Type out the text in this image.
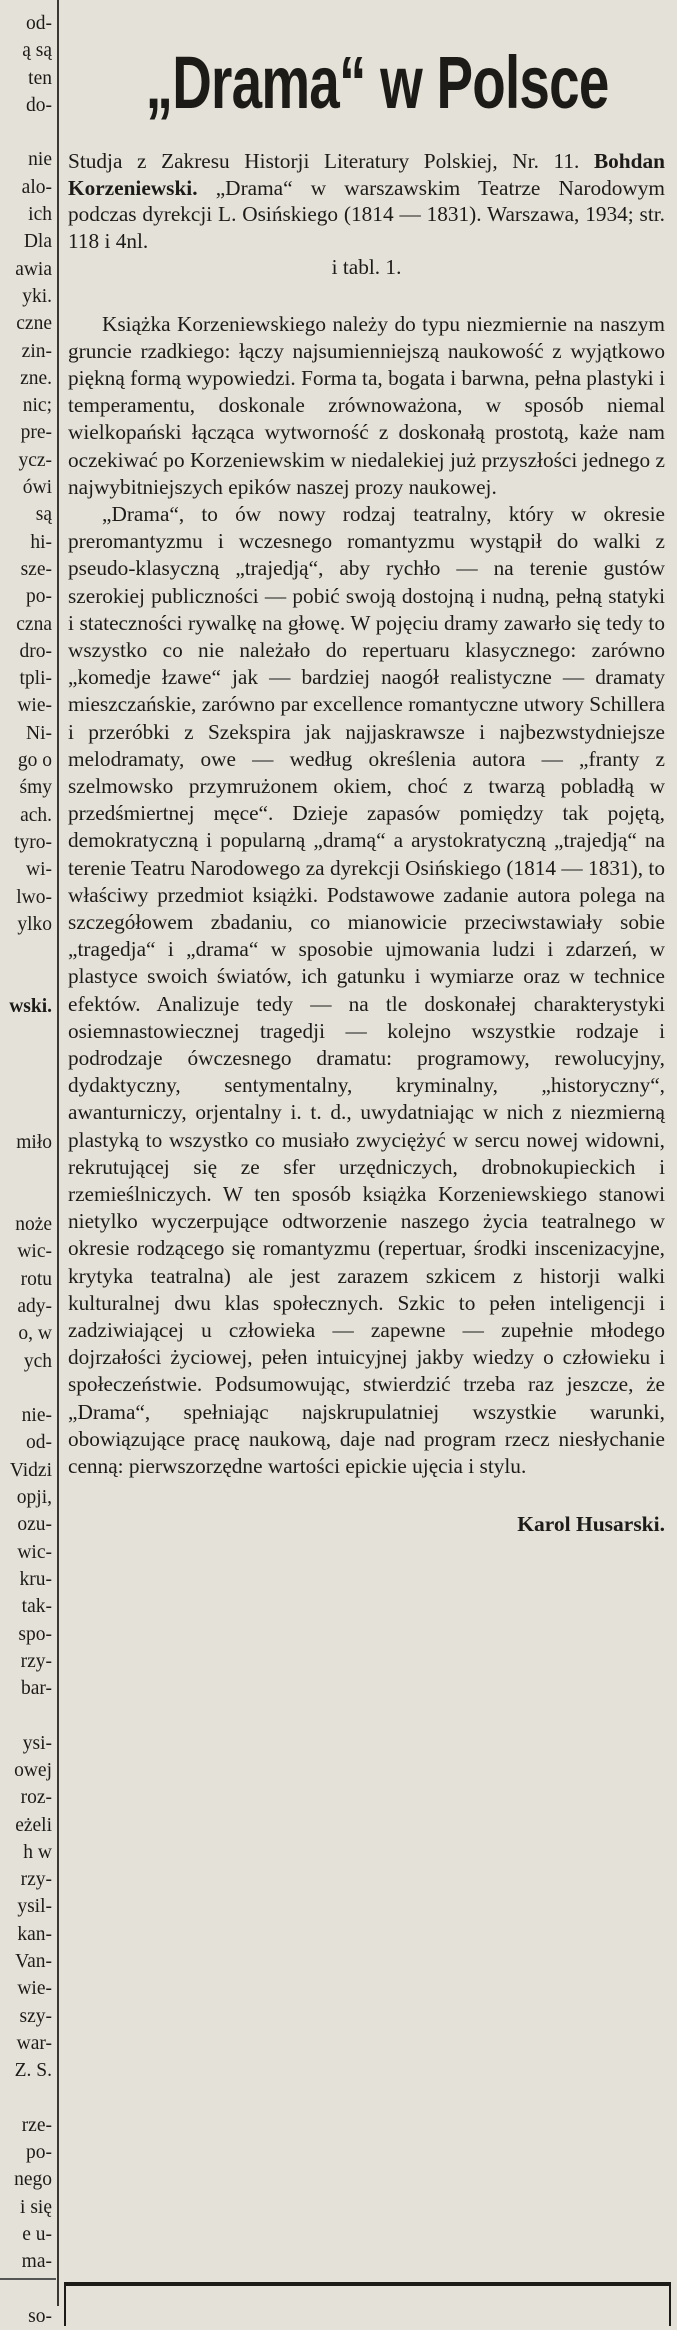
od-
ą są
ten
do-
nie
alo-
ich
Dla
awia
yki.
czne
zin-
zne.
nic;
pre-
ycz-
ówi
są
hi-
sze-
po-
czna
dro-
tpli-
wie-
Ni-
go o
śmy
ach.
tyro-
wi-
lwo-
ylko
wski.
miło
noże
wic-
rotu
ady-
o, w
ych
nie-
od-
Vidzi
opji,
ozu-
wic-
kru-
tak-
spo-
rzy-
bar-
ysi-
owej
roz-
eżeli
h w
rzy-
ysil-
kan-
Van-
wie-
szy-
war-
Z. S.
rze-
po-
nego
i się
e u-
ma-
so-
„Drama“ w Polsce
Studja z Zakresu Historji Literatury Polskiej, Nr. 11. Bohdan Korzeniewski. „Drama“ w warszawskim Teatrze Narodowym podczas dyrekcji L. Osińskiego (1814 — 1831). Warszawa, 1934; str. 118 i 4nl.
i tabl. 1.

Książka Korzeniewskiego należy do typu niezmiernie na naszym gruncie rzadkiego: łączy najsumienniejszą naukowość z wyjątkowo piękną formą wypowiedzi. Forma ta, bogata i barwna, pełna plastyki i temperamentu, doskonale zrównoważona, w sposób niemal wielkopański łącząca wytworność z doskonałą prostotą, każe nam oczekiwać po Korzeniewskim w niedalekiej już przyszłości jednego z najwybitniejszych epików naszej prozy naukowej.

„Drama“, to ów nowy rodzaj teatralny, który w okresie preromantyzmu i wczesnego romantyzmu wystąpił do walki z pseudo-klasyczną „trajedją“, aby rychło — na terenie gustów szerokiej publiczności — pobić swoją dostojną i nudną, pełną statyki i stateczności rywalkę na głowę. W pojęciu dramy zawarło się tedy to wszystko co nie należało do repertuaru klasycznego: zarówno „komedje łzawe“ jak — bardziej naogół realistyczne — dramaty mieszczańskie, zarówno par excellence romantyczne utwory Schillera i przeróbki z Szekspira jak najjaskrawsze i najbezwstydniejsze melodramaty, owe — według określenia autora — „franty z szelmowsko przymrużonem okiem, choć z twarzą pobladłą w przedśmiertnej męce“. Dzieje zapasów pomiędzy tak pojętą, demokratyczną i popularną „dramą“ a arystokratyczną „trajedją“ na terenie Teatru Narodowego za dyrekcji Osińskiego (1814 — 1831), to właściwy przedmiot książki. Podstawowe zadanie autora polega na szczegółowem zbadaniu, co mianowicie przeciwstawiały sobie „tragedja“ i „drama“ w sposobie ujmowania ludzi i zdarzeń, w plastyce swoich światów, ich gatunku i wymiarze oraz w technice efektów. Analizuje tedy — na tle doskonałej charakterystyki osiemnastowiecznej tragedji — kolejno wszystkie rodzaje i podrodzaje ówczesnego dramatu: programowy, rewolucyjny, dydaktyczny, sentymentalny, kryminalny, „historyczny“, awanturniczy, orjentalny i. t. d., uwydatniając w nich z niezmierną plastyką to wszystko co musiało zwyciężyć w sercu nowej widowni, rekrutującej się ze sfer urzędniczych, drobnokupieckich i rzemieślniczych. W ten sposób książka Korzeniewskiego stanowi nietylko wyczerpujące odtworzenie naszego życia teatralnego w okresie rodzącego się romantyzmu (repertuar, środki inscenizacyjne, krytyka teatralna) ale jest zarazem szkicem z historji walki kulturalnej dwu klas społecznych. Szkic to pełen inteligencji i zadziwiającej u człowieka — zapewne — zupełnie młodego dojrzałości życiowej, pełen intuicyjnej jakby wiedzy o człowieku i społeczeństwie. Podsumowując, stwierdzić trzeba raz jeszcze, że „Drama“, spełniając najskrupulatniej wszystkie warunki, obowiązujące pracę naukową, daje nad program rzecz niesłychanie cenną: pierwszorzędne wartości epickie ujęcia i stylu.

Karol Husarski.
